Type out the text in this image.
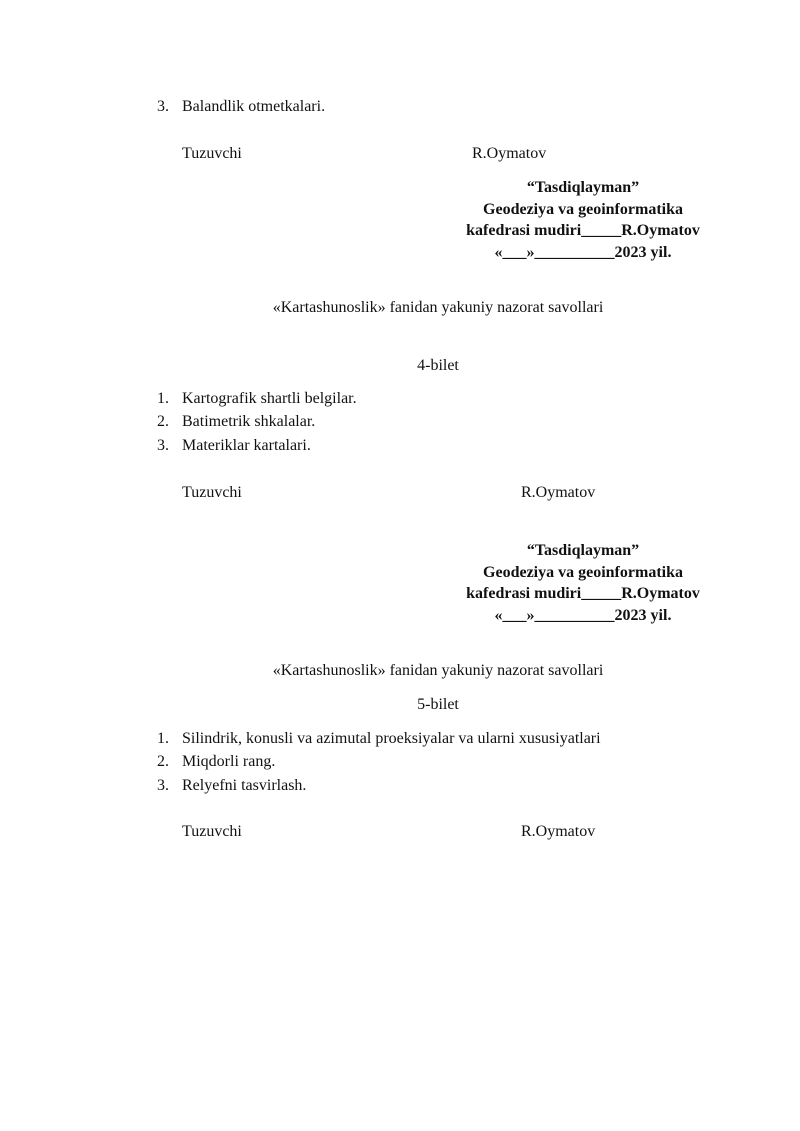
3. Balandlik otmetkalari.
Tuzuvchi	R.Oymatov
“Tasdiqlayman”
Geodeziya va geoinformatika
kafedrasi mudiri_____R.Oymatov
«___»__________2023 yil.
«Kartashunoslik» fanidan yakuniy nazorat savollari
4-bilet
1. Kartografik shartli belgilar.
2. Batimetrik shkalalar.
3. Materiklar kartalari.
Tuzuvchi	R.Oymatov
“Tasdiqlayman”
Geodeziya va geoinformatika
kafedrasi mudiri_____R.Oymatov
«___»__________2023 yil.
«Kartashunoslik» fanidan yakuniy nazorat savollari
5-bilet
1. Silindrik, konusli va azimutal proeksiyalar va ularni xususiyatlari
2. Miqdorli rang.
3. Relyefni tasvirlash.
Tuzuvchi	R.Oymatov
